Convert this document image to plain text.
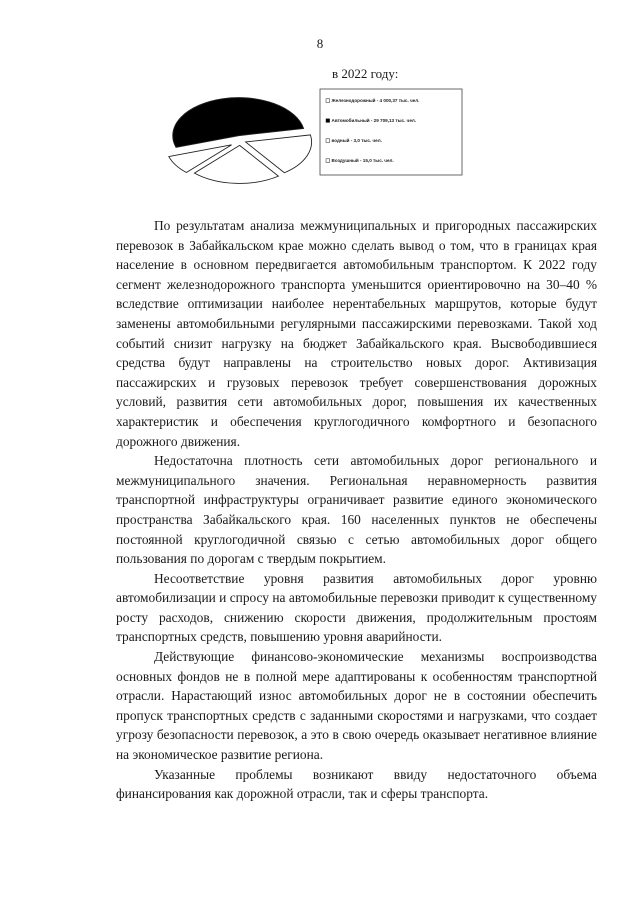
8
в 2022 году:
Железнодорожный - 4 000,37 тыс. чел.
Автомобильный - 29 709,13 тыс. чел.
водный - 3,0 тыс. чел.
Воздушный - 15,0 тыс. чел.

По результатам анализа межмуниципальных и пригородных пассажирских перевозок в Забайкальском крае можно сделать вывод о том, что в границах края население в основном передвигается автомобильным транспортом. К 2022 году сегмент железнодорожного транспорта уменьшится ориентировочно на 30–40 % вследствие оптимизации наиболее нерентабельных маршрутов, которые будут заменены автомобильными регулярными пассажирскими перевозками. Такой ход событий снизит нагрузку на бюджет Забайкальского края. Высвободившиеся средства будут направлены на строительство новых дорог. Активизация пассажирских и грузовых перевозок требует совершенствования дорожных условий, развития сети автомобильных дорог, повышения их качественных характеристик и обеспечения круглогодичного комфортного и безопасного дорожного движения.

Недостаточна плотность сети автомобильных дорог регионального и межмуниципального значения. Региональная неравномерность развития транспортной инфраструктуры ограничивает развитие единого экономического пространства Забайкальского края. 160 населенных пунктов не обеспечены постоянной круглогодичной связью с сетью автомобильных дорог общего пользования по дорогам с твердым покрытием.

Несоответствие уровня развития автомобильных дорог уровню автомобилизации и спросу на автомобильные перевозки приводит к существенному росту расходов, снижению скорости движения, продолжительным простоям транспортных средств, повышению уровня аварийности.

Действующие финансово-экономические механизмы воспроизводства основных фондов не в полной мере адаптированы к особенностям транспортной отрасли. Нарастающий износ автомобильных дорог не в состоянии обеспечить пропуск транспортных средств с заданными скоростями и нагрузками, что создает угрозу безопасности перевозок, а это в свою очередь оказывает негативное влияние на экономическое развитие региона.

Указанные проблемы возникают ввиду недостаточного объема финансирования как дорожной отрасли, так и сферы транспорта.
